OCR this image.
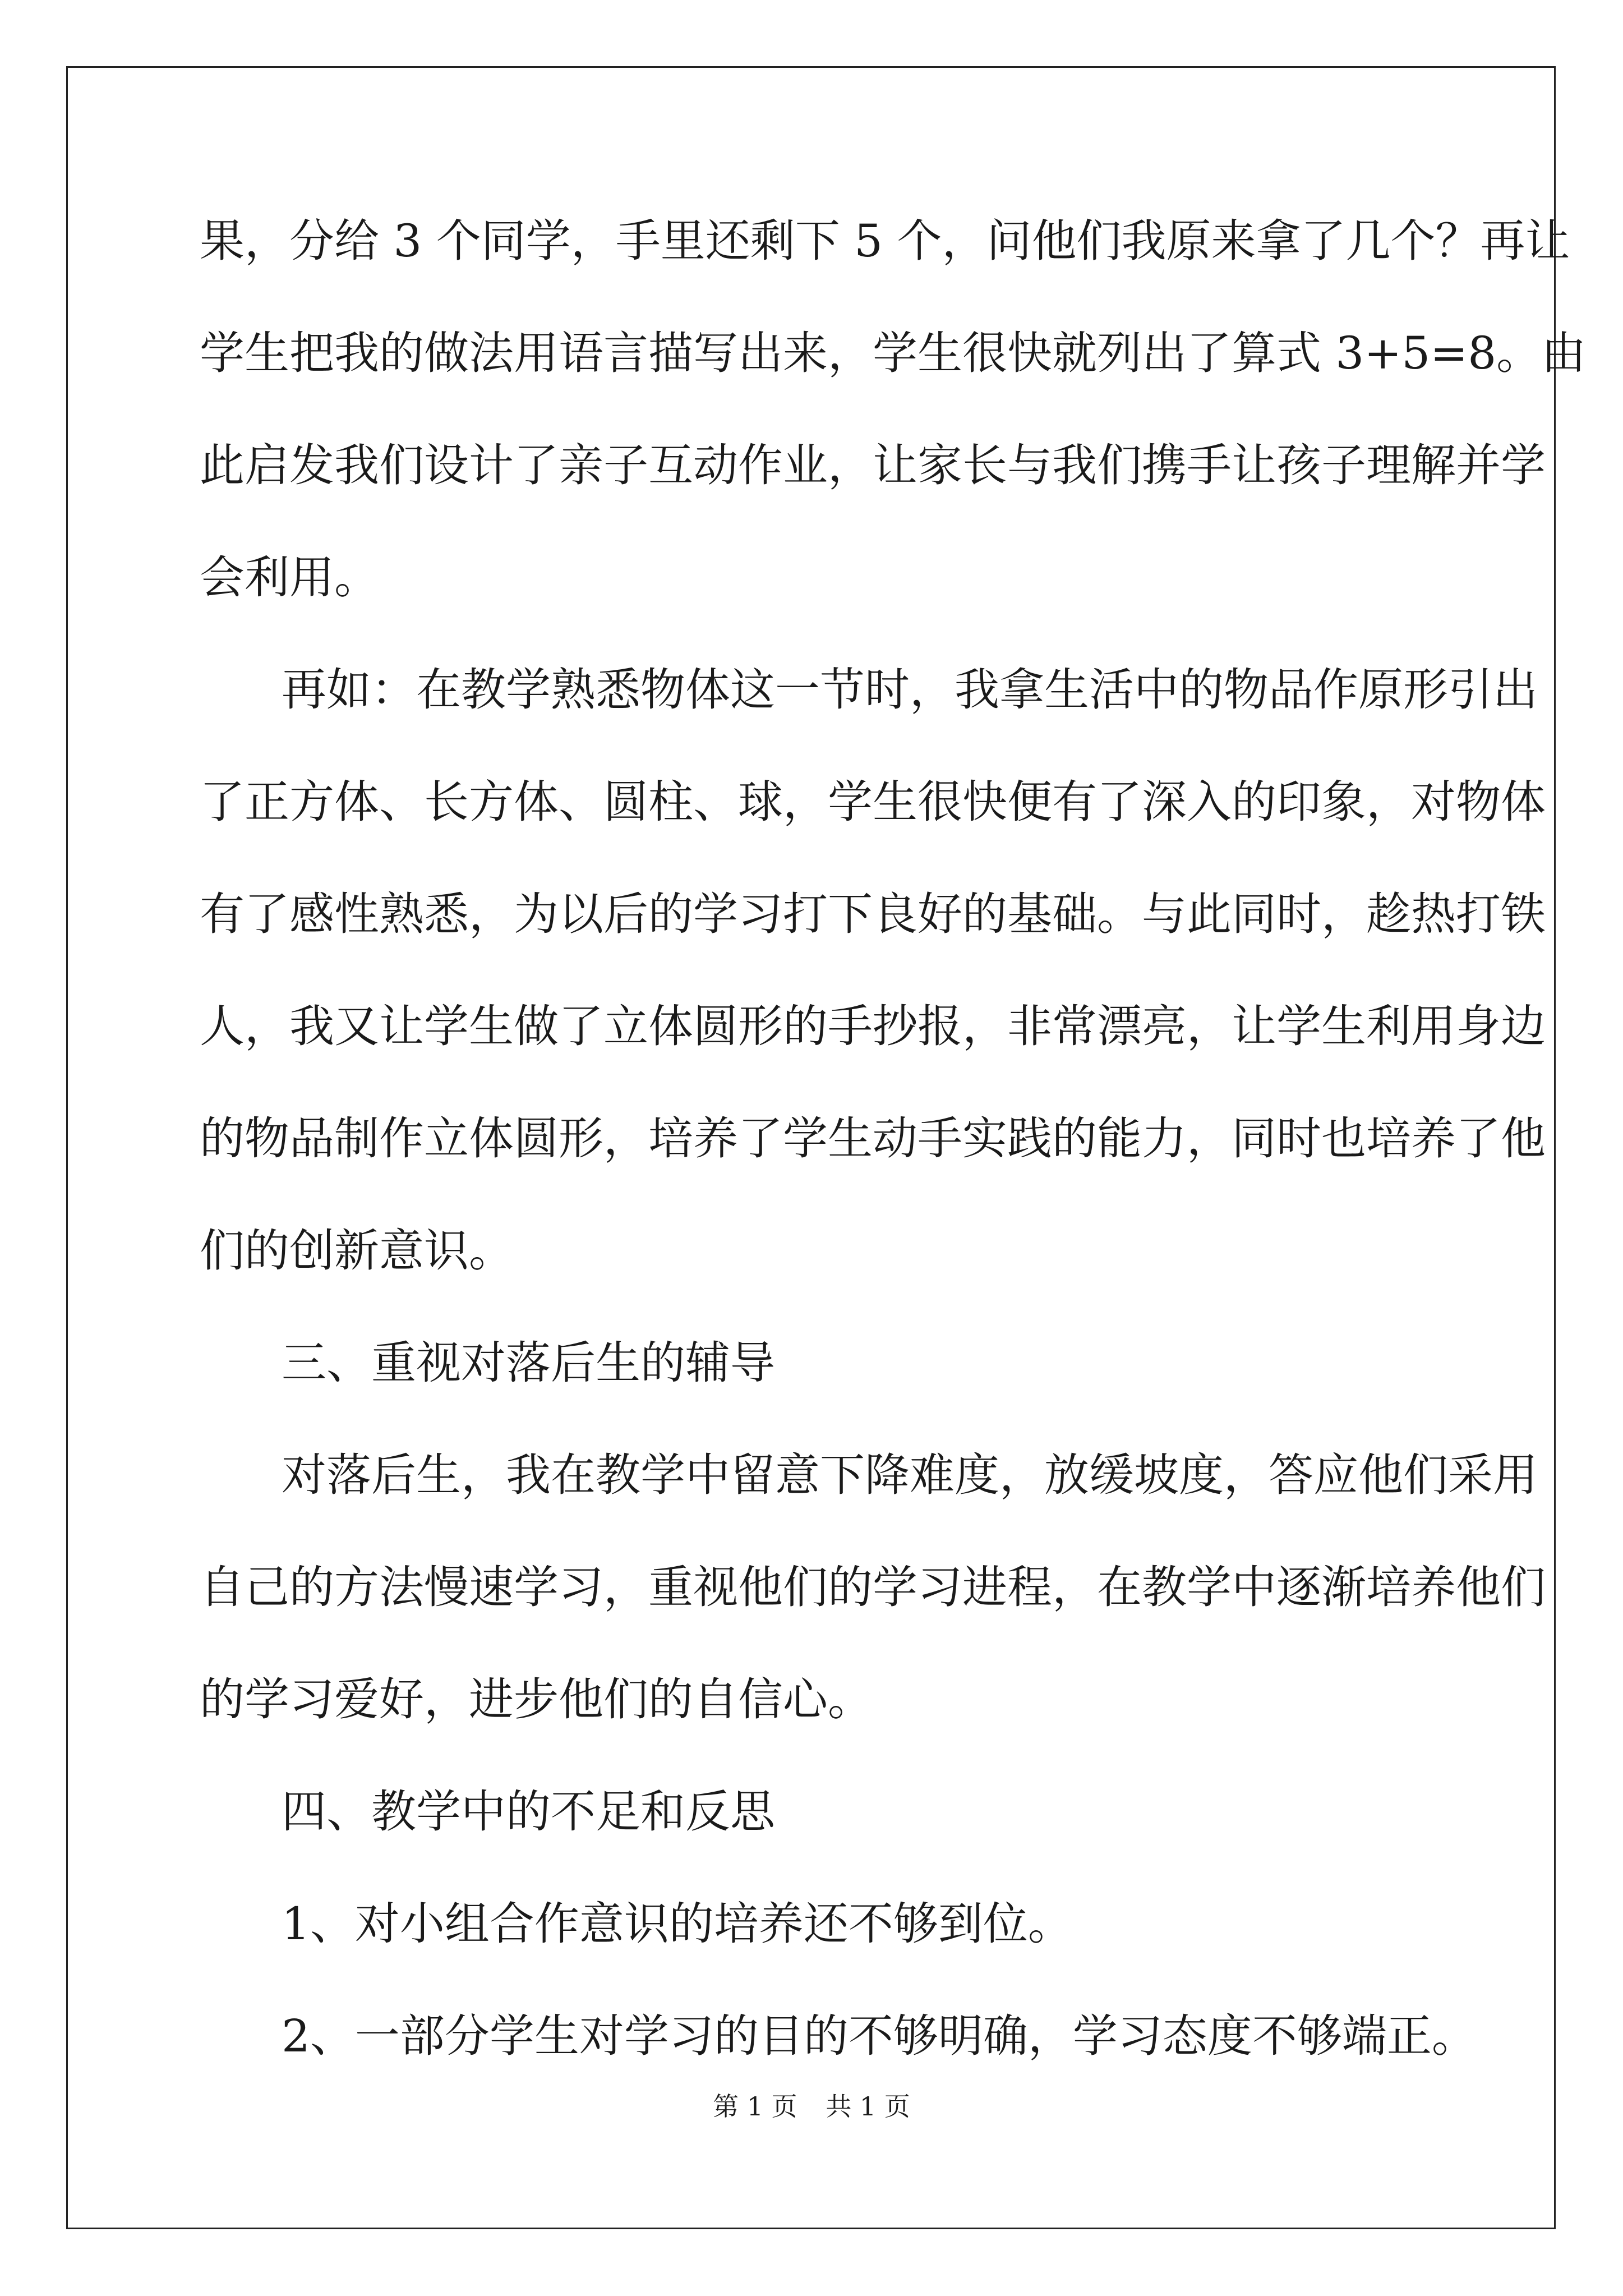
果，分给 3 个同学，手里还剩下 5 个，问他们我原来拿了几个？再让
学生把我的做法用语言描写出来，学生很快就列出了算式 3+5=8。由
此启发我们设计了亲子互动作业，让家长与我们携手让孩子理解并学
会利用。
再如：在教学熟悉物体这一节时，我拿生活中的物品作原形引出
了正方体、长方体、圆柱、球，学生很快便有了深入的印象，对物体
有了感性熟悉，为以后的学习打下良好的基础。与此同时，趁热打铁
人，我又让学生做了立体圆形的手抄报，非常漂亮，让学生利用身边
的物品制作立体圆形，培养了学生动手实践的能力，同时也培养了他
们的创新意识。
三、重视对落后生的辅导
对落后生，我在教学中留意下降难度，放缓坡度，答应他们采用
自己的方法慢速学习，重视他们的学习进程，在教学中逐渐培养他们
的学习爱好，进步他们的自信心。
四、教学中的不足和反思
1、对小组合作意识的培养还不够到位。
2、一部分学生对学习的目的不够明确，学习态度不够端正。
第 1 页 共 1 页
